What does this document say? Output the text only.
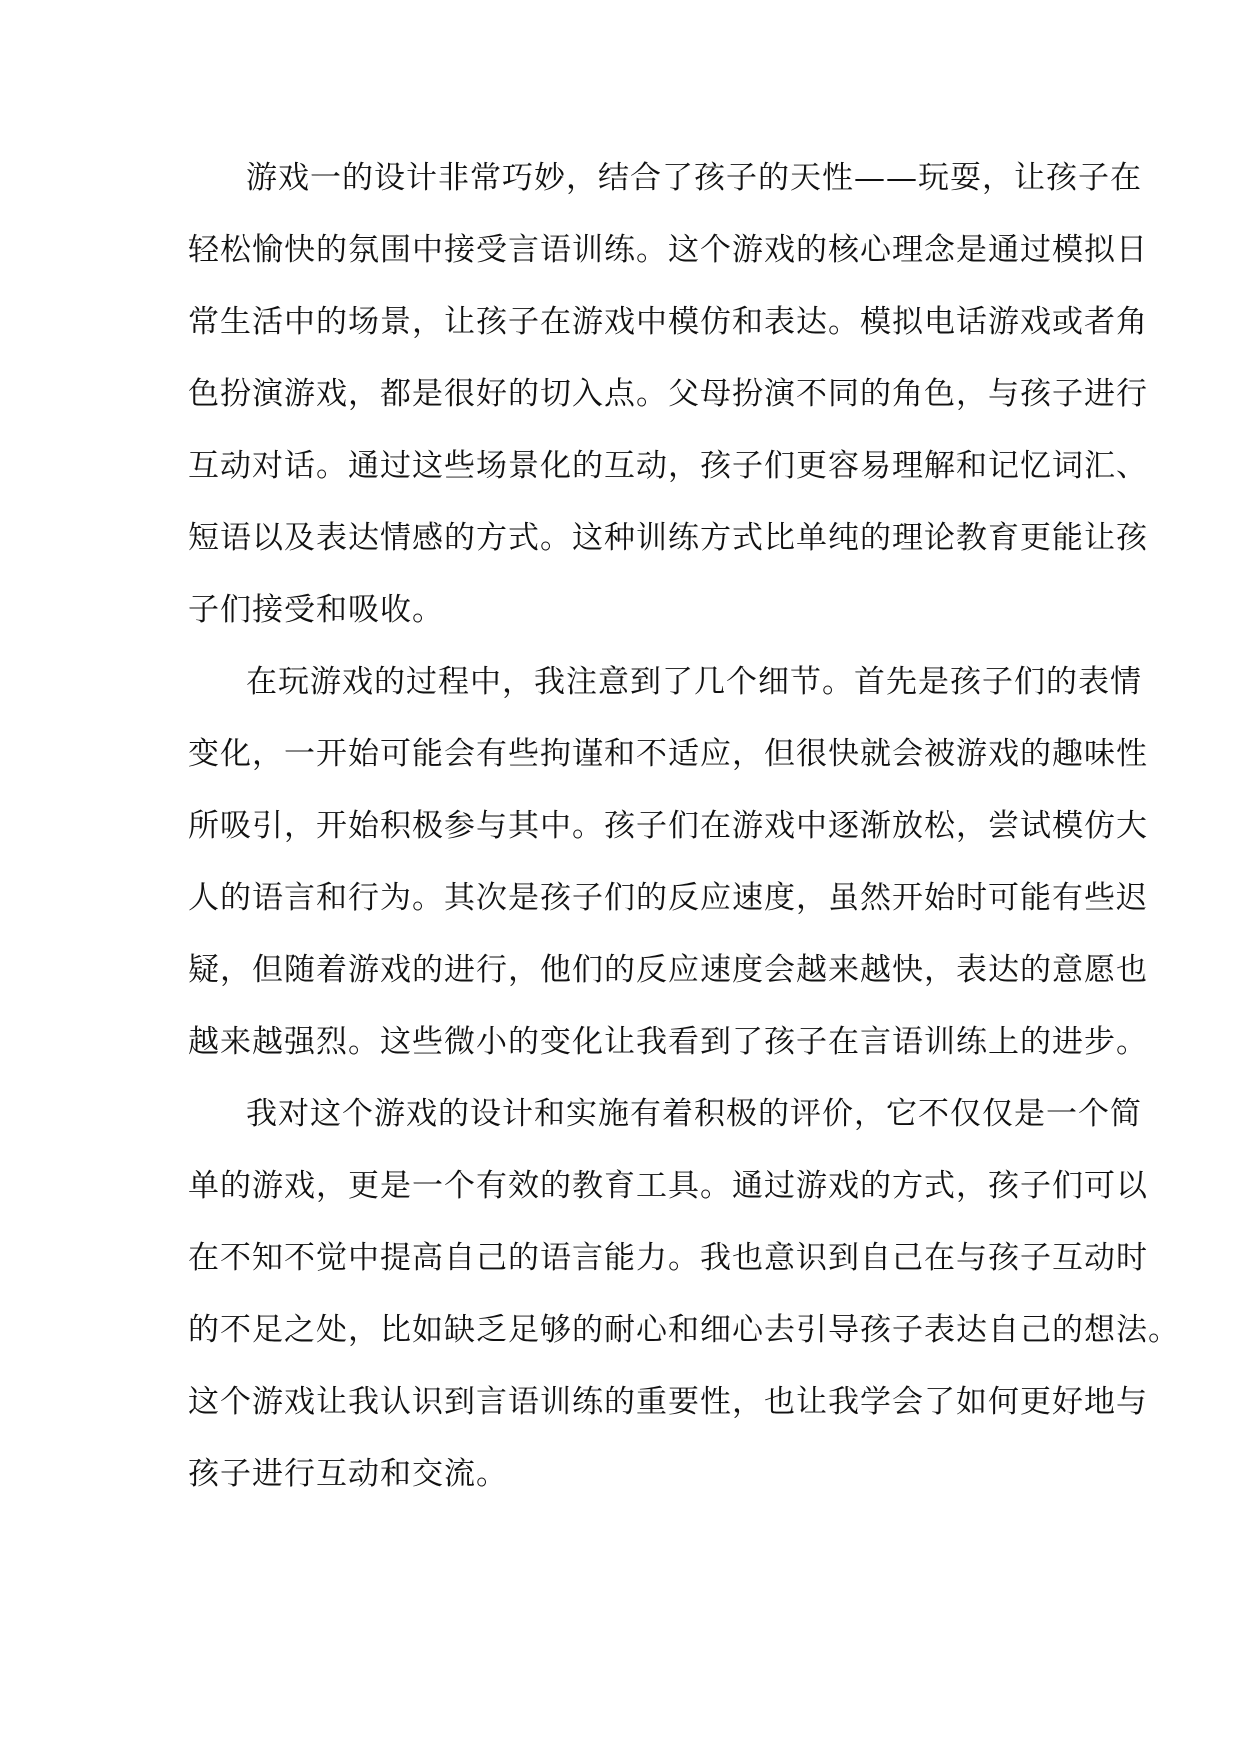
游戏一的设计非常巧妙，结合了孩子的天性——玩耍，让孩子在
轻松愉快的氛围中接受言语训练。这个游戏的核心理念是通过模拟日
常生活中的场景，让孩子在游戏中模仿和表达。模拟电话游戏或者角
色扮演游戏，都是很好的切入点。父母扮演不同的角色，与孩子进行
互动对话。通过这些场景化的互动，孩子们更容易理解和记忆词汇、
短语以及表达情感的方式。这种训练方式比单纯的理论教育更能让孩
子们接受和吸收。
在玩游戏的过程中，我注意到了几个细节。首先是孩子们的表情
变化，一开始可能会有些拘谨和不适应，但很快就会被游戏的趣味性
所吸引，开始积极参与其中。孩子们在游戏中逐渐放松，尝试模仿大
人的语言和行为。其次是孩子们的反应速度，虽然开始时可能有些迟
疑，但随着游戏的进行，他们的反应速度会越来越快，表达的意愿也
越来越强烈。这些微小的变化让我看到了孩子在言语训练上的进步。
我对这个游戏的设计和实施有着积极的评价，它不仅仅是一个简
单的游戏，更是一个有效的教育工具。通过游戏的方式，孩子们可以
在不知不觉中提高自己的语言能力。我也意识到自己在与孩子互动时
的不足之处，比如缺乏足够的耐心和细心去引导孩子表达自己的想法。
这个游戏让我认识到言语训练的重要性，也让我学会了如何更好地与
孩子进行互动和交流。
